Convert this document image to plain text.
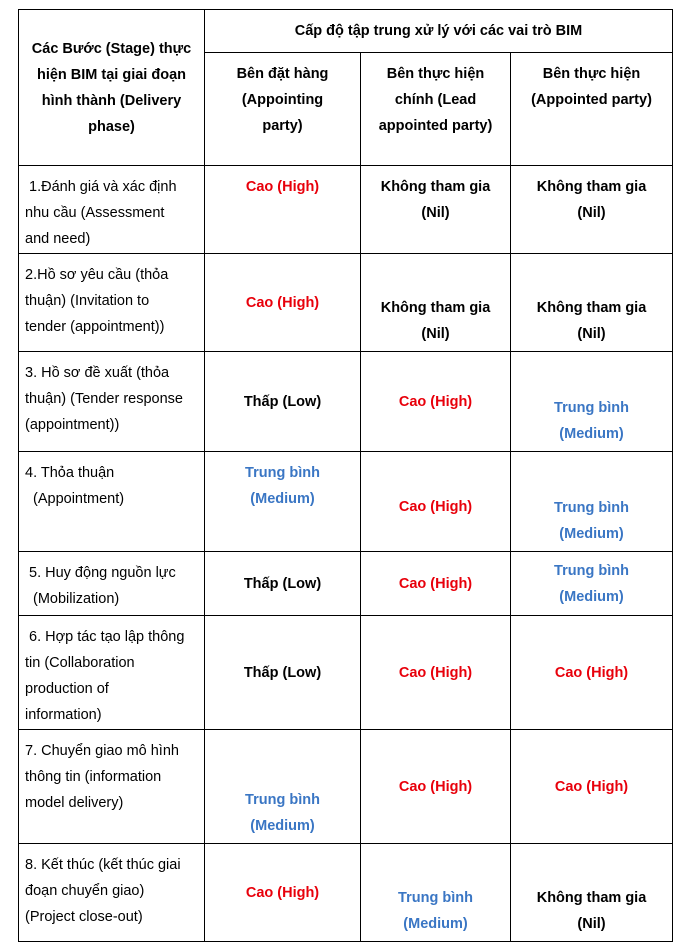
Các Bước (Stage) thực
hiện BIM tại giai đoạn
hình thành (Delivery
phase)	Cấp độ tập trung xử lý với các vai trò BIM		

	Bên đặt hàng
(Appointing
party)	Bên thực hiện
chính (Lead
appointed party)	Bên thực hiện
(Appointed party)

1.Đánh giá và xác định
nhu cầu (Assessment
and need)	Cao (High)	Không tham gia
(Nil)	Không tham gia
(Nil)

2.Hồ sơ yêu cầu (thỏa
thuận) (Invitation to
tender (appointment))	Cao (High)	Không tham gia
(Nil)	Không tham gia
(Nil)

3. Hồ sơ đề xuất (thỏa
thuận) (Tender response
(appointment))	Thấp (Low)	Cao (High)	Trung bình
(Medium)

4. Thỏa thuận
(Appointment)	Trung bình
(Medium)	Cao (High)	Trung bình
(Medium)

5. Huy động nguồn lực
(Mobilization)	Thấp (Low)	Cao (High)	Trung bình
(Medium)

6. Hợp tác tạo lập thông
tin (Collaboration
production of
information)	Thấp (Low)	Cao (High)	Cao (High)

7. Chuyển giao mô hình
thông tin (information
model delivery)	Trung bình
(Medium)	Cao (High)	Cao (High)

8. Kết thúc (kết thúc giai
đoạn chuyển giao)
(Project close-out)	Cao (High)	Trung bình
(Medium)	Không tham gia
(Nil)
